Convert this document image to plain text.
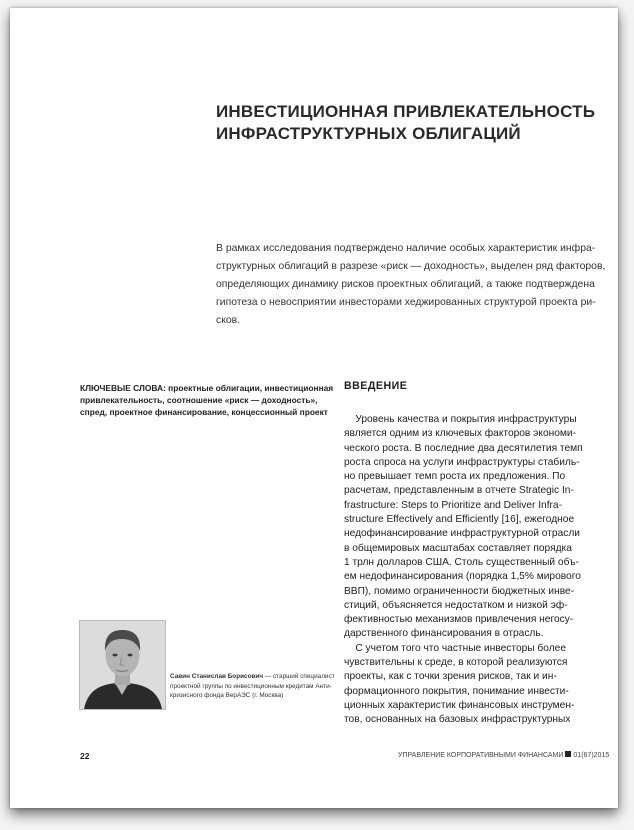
ИНВЕСТИЦИОННАЯ ПРИВЛЕКАТЕЛЬНОСТЬ
ИНФРАСТРУКТУРНЫХ ОБЛИГАЦИЙ
В рамках исследования подтверждено наличие особых характеристик инфра-
структурных облигаций в разрезе «риск — доходность», выделен ряд факторов,
определяющих динамику рисков проектных облигаций, а также подтверждена
гипотеза о невосприятии инвесторами хеджированных структурой проекта ри-
сков.
КЛЮЧЕВЫЕ СЛОВА: проектные облигации, инвестиционная
привлекательность, соотношение «риск — доходность»,
спред, проектное финансирование, концессионный проект
ВВЕДЕНИЕ
Уровень качества и покрытия инфраструктуры
является одним из ключевых факторов экономи-
ческого роста. В последние два десятилетия темп
роста спроса на услуги инфраструктуры стабиль-
но превышает темп роста их предложения. По
расчетам, представленным в отчете Strategic In-
frastructure: Steps to Prioritize and Deliver Infra-
structure Effectively and Efficiently [16], ежегодное
недофинансирование инфраструктурной отрасли
в общемировых масштабах составляет порядка
1 трлн долларов США. Столь существенный объ-
ем недофинансирования (порядка 1,5% мирового
ВВП), помимо ограниченности бюджетных инве-
стиций, объясняется недостатком и низкой эф-
фективностью механизмов привлечения негосу-
дарственного финансирования в отрасль.
С учетом того что частные инвесторы более
чувствительны к среде, в которой реализуются
проекты, как с точки зрения рисков, так и ин-
формационного покрытия, понимание инвести-
ционных характеристик финансовых инструмен-
тов, основанных на базовых инфраструктурных
Савин Станислав Борисович — старший специалист
проектной группы по инвестиционным кредитам Анти-
кризисного фонда ВерАЭС (г. Москва)
22	УПРАВЛЕНИЕ КОРПОРАТИВНЫМИ ФИНАНСАМИ 01(67)2015
